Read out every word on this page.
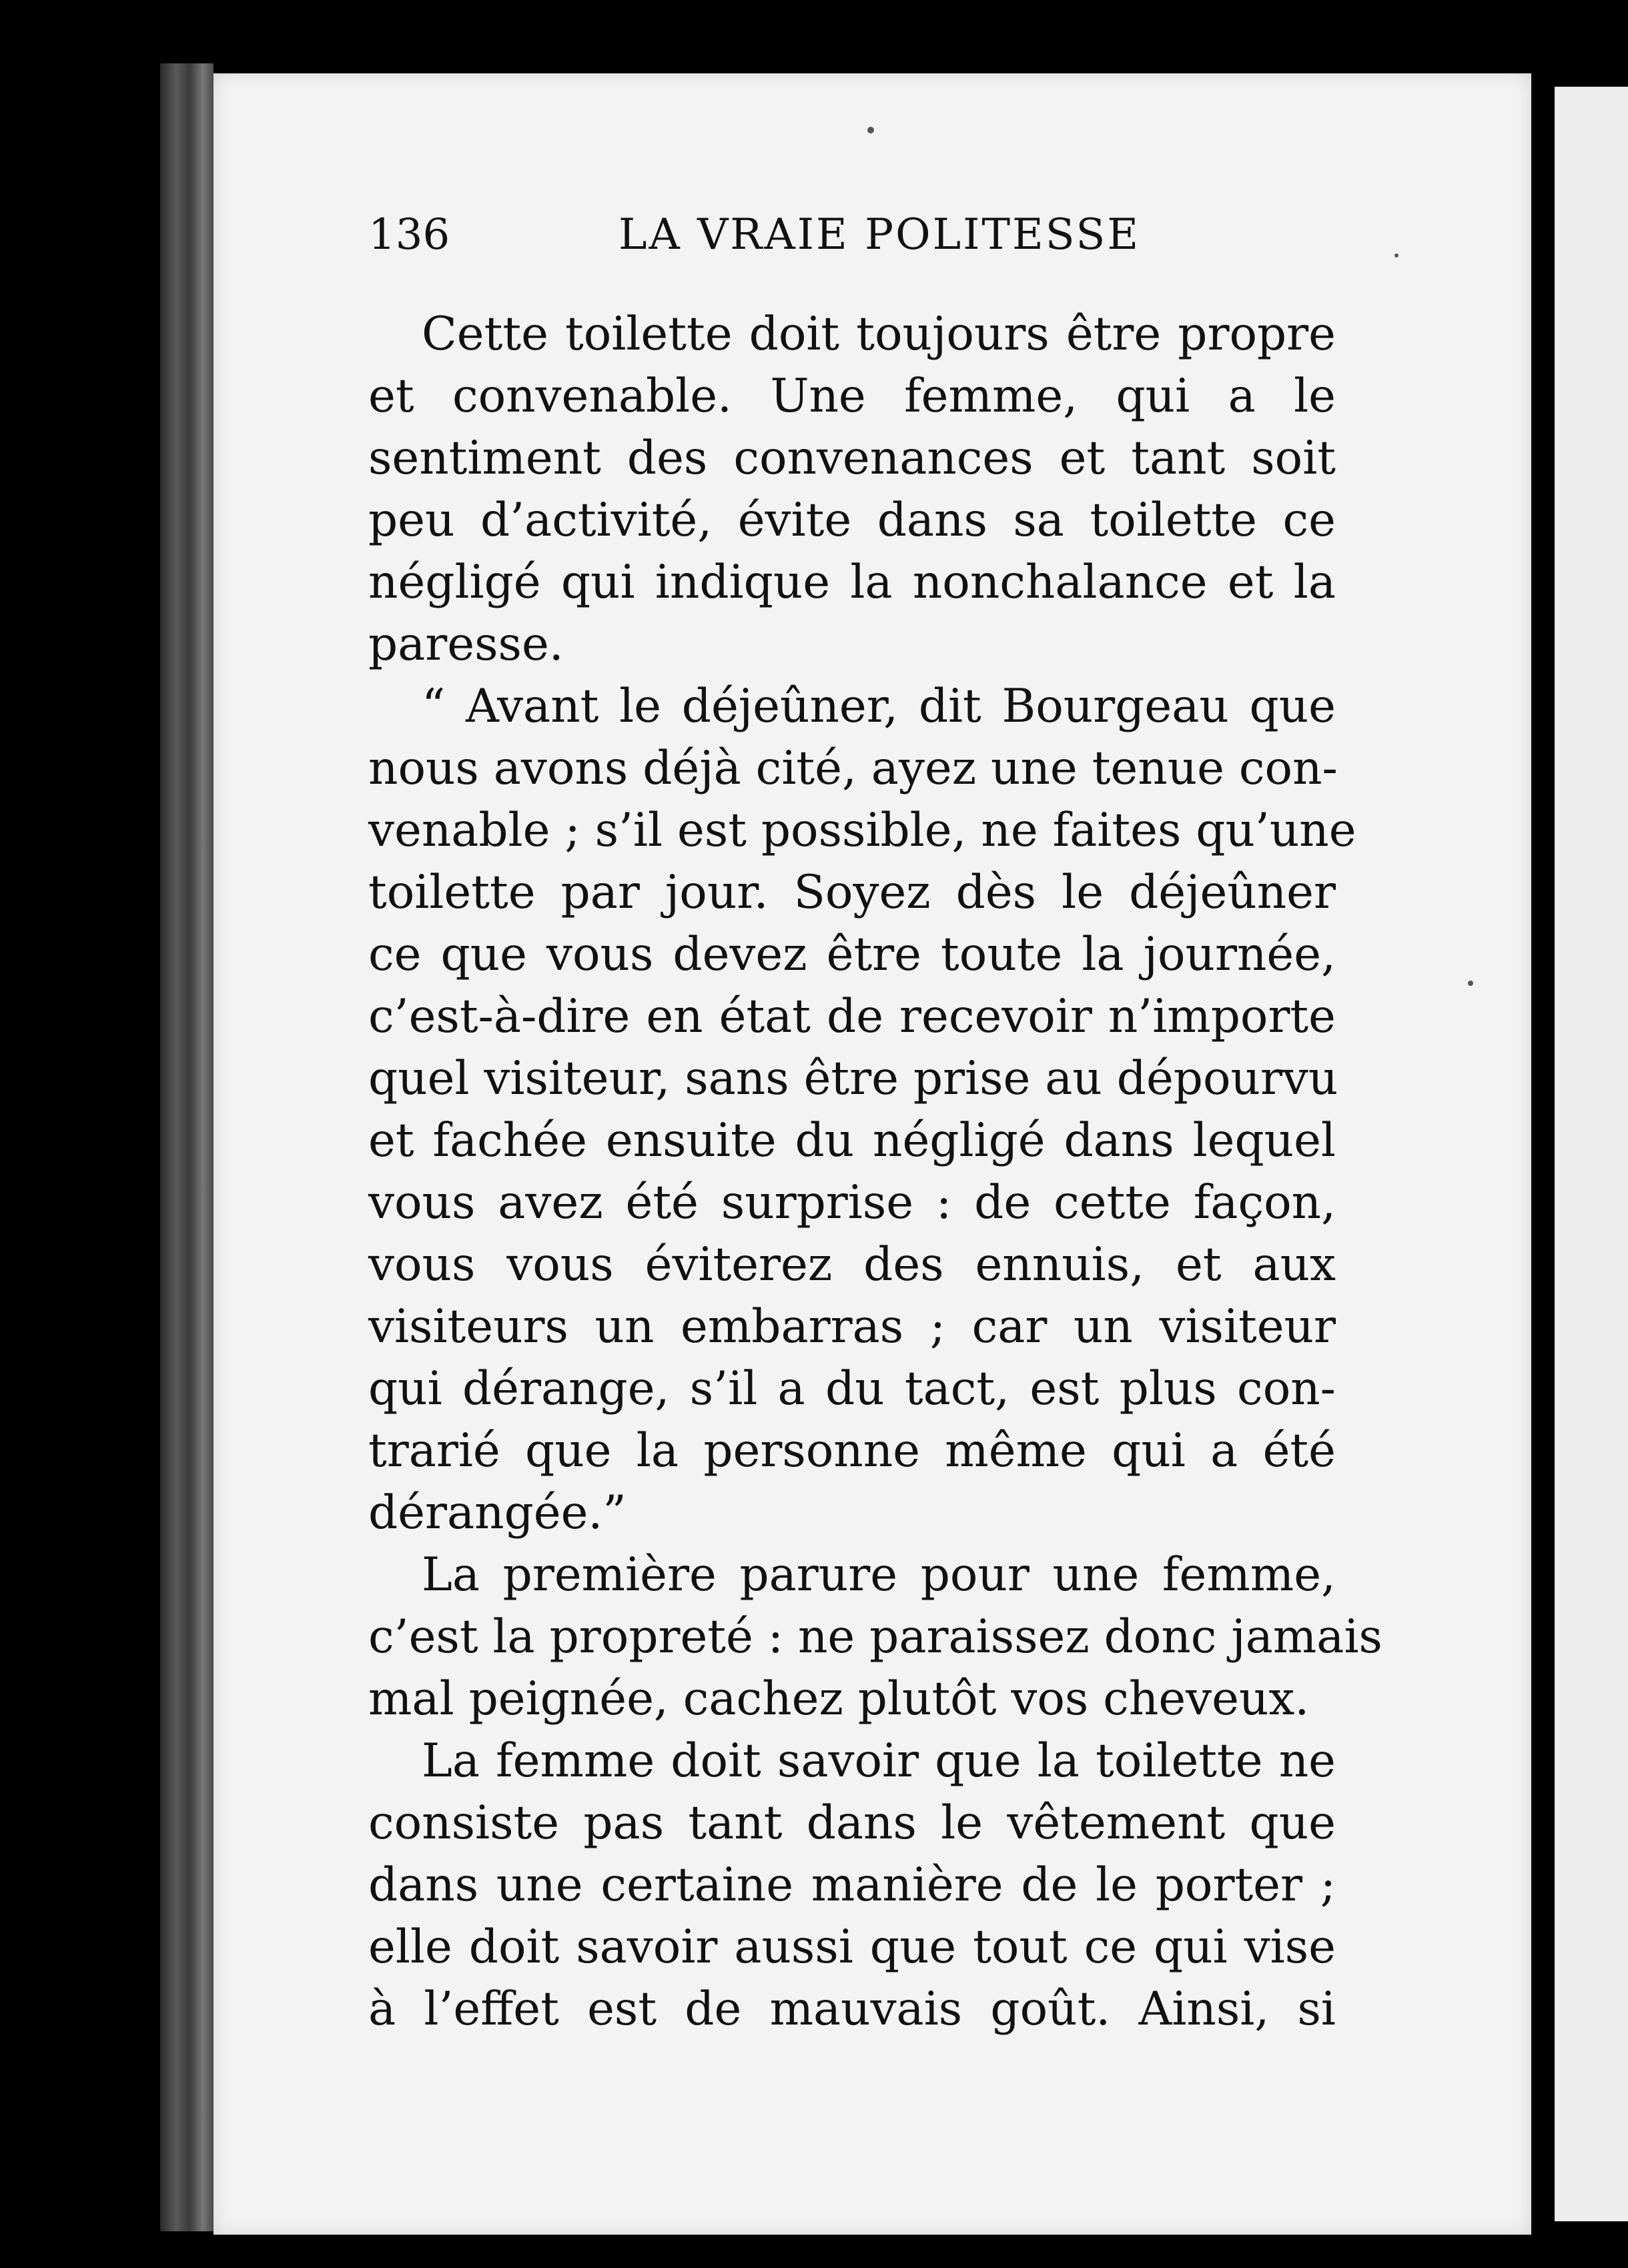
136	LA VRAIE POLITESSE
Cette toilette doit toujours être propre
et convenable. Une femme, qui a le
sentiment des convenances et tant soit
peu d’activité, évite dans sa toilette ce
négligé qui indique la nonchalance et la
paresse.
“ Avant le déjeûner, dit Bourgeau que
nous avons déjà cité, ayez une tenue con-
venable ; s’il est possible, ne faites qu’une
toilette par jour. Soyez dès le déjeûner
ce que vous devez être toute la journée,
c’est-à-dire en état de recevoir n’importe
quel visiteur, sans être prise au dépourvu
et fachée ensuite du négligé dans lequel
vous avez été surprise : de cette façon,
vous vous éviterez des ennuis, et aux
visiteurs un embarras ; car un visiteur
qui dérange, s’il a du tact, est plus con-
trarié que la personne même qui a été
dérangée.”
La première parure pour une femme,
c’est la propreté : ne paraissez donc jamais
mal peignée, cachez plutôt vos cheveux.
La femme doit savoir que la toilette ne
consiste pas tant dans le vêtement que
dans une certaine manière de le porter ;
elle doit savoir aussi que tout ce qui vise
à l’effet est de mauvais goût. Ainsi, si
